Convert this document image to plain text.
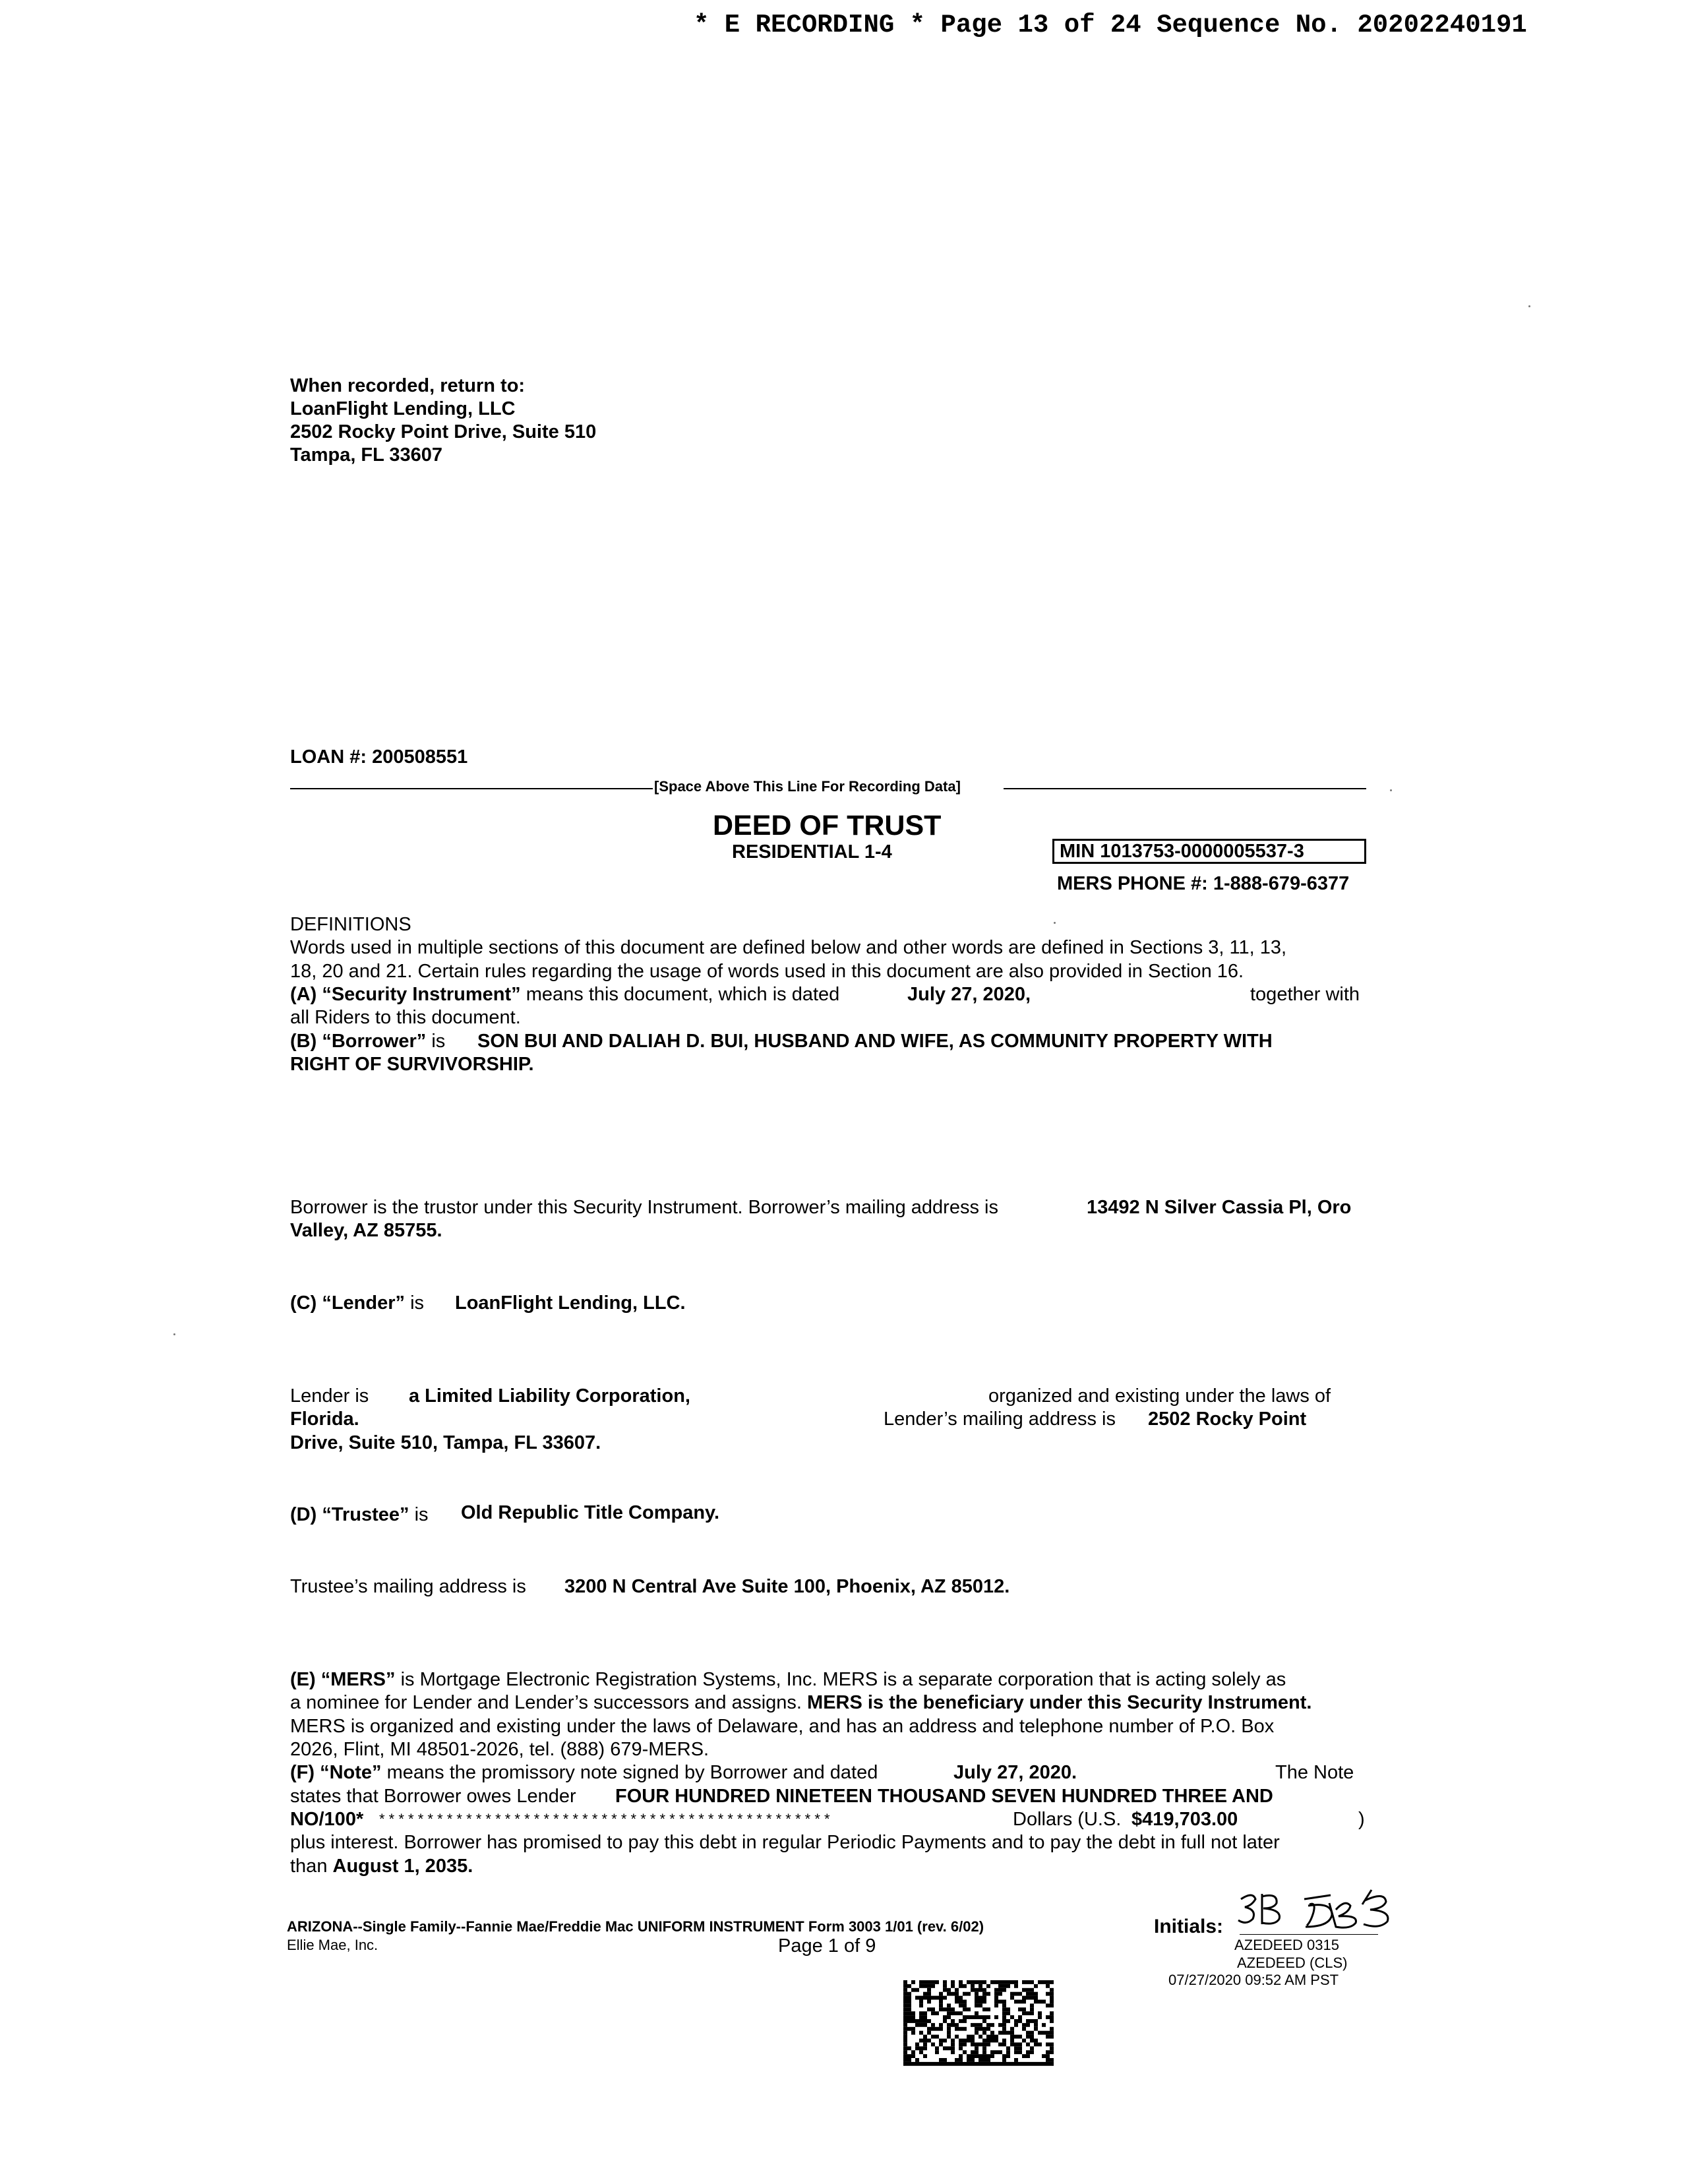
* E RECORDING * Page 13 of 24 Sequence No. 20202240191
When recorded, return to:
LoanFlight Lending, LLC
2502 Rocky Point Drive, Suite 510
Tampa, FL 33607
LOAN #: 200508551
[Space Above This Line For Recording Data]
DEED OF TRUST
RESIDENTIAL 1-4	MIN 1013753-0000005537-3
MERS PHONE #: 1-888-679-6377
DEFINITIONS
Words used in multiple sections of this document are defined below and other words are defined in Sections 3, 11, 13,
18, 20 and 21. Certain rules regarding the usage of words used in this document are also provided in Section 16.
(A) “Security Instrument” means this document, which is dated	July 27, 2020,	together with
all Riders to this document.
(B) “Borrower” is SON BUI AND DALIAH D. BUI, HUSBAND AND WIFE, AS COMMUNITY PROPERTY WITH
RIGHT OF SURVIVORSHIP.
Borrower is the trustor under this Security Instrument. Borrower’s mailing address is	13492 N Silver Cassia Pl, Oro
Valley, AZ 85755.
(C) “Lender” is LoanFlight Lending, LLC.
Lender is a Limited Liability Corporation,	organized and existing under the laws of
Florida.	Lender’s mailing address is 2502 Rocky Point
Drive, Suite 510, Tampa, FL 33607.
(D) “Trustee” is Old Republic Title Company.
Trustee’s mailing address is 3200 N Central Ave Suite 100, Phoenix, AZ 85012.
(E) “MERS” is Mortgage Electronic Registration Systems, Inc. MERS is a separate corporation that is acting solely as
a nominee for Lender and Lender’s successors and assigns. MERS is the beneficiary under this Security Instrument.
MERS is organized and existing under the laws of Delaware, and has an address and telephone number of P.O. Box
2026, Flint, MI 48501-2026, tel. (888) 679-MERS.
(F) “Note” means the promissory note signed by Borrower and dated	July 27, 2020.	The Note
states that Borrower owes Lender FOUR HUNDRED NINETEEN THOUSAND SEVEN HUNDRED THREE AND
NO/100* * * * * * * * * * * * * * * * * * * * * * * * * * * * * * * * * * * * * * * * * * * * * * * *	Dollars (U.S. $419,703.00	)
plus interest. Borrower has promised to pay this debt in regular Periodic Payments and to pay the debt in full not later
than August 1, 2035.
ARIZONA--Single Family--Fannie Mae/Freddie Mac UNIFORM INSTRUMENT Form 3003 1/01 (rev. 6/02)
Ellie Mae, Inc.	Page 1 of 9
Initials:
AZEDEED 0315
AZEDEED (CLS)
07/27/2020 09:52 AM PST
